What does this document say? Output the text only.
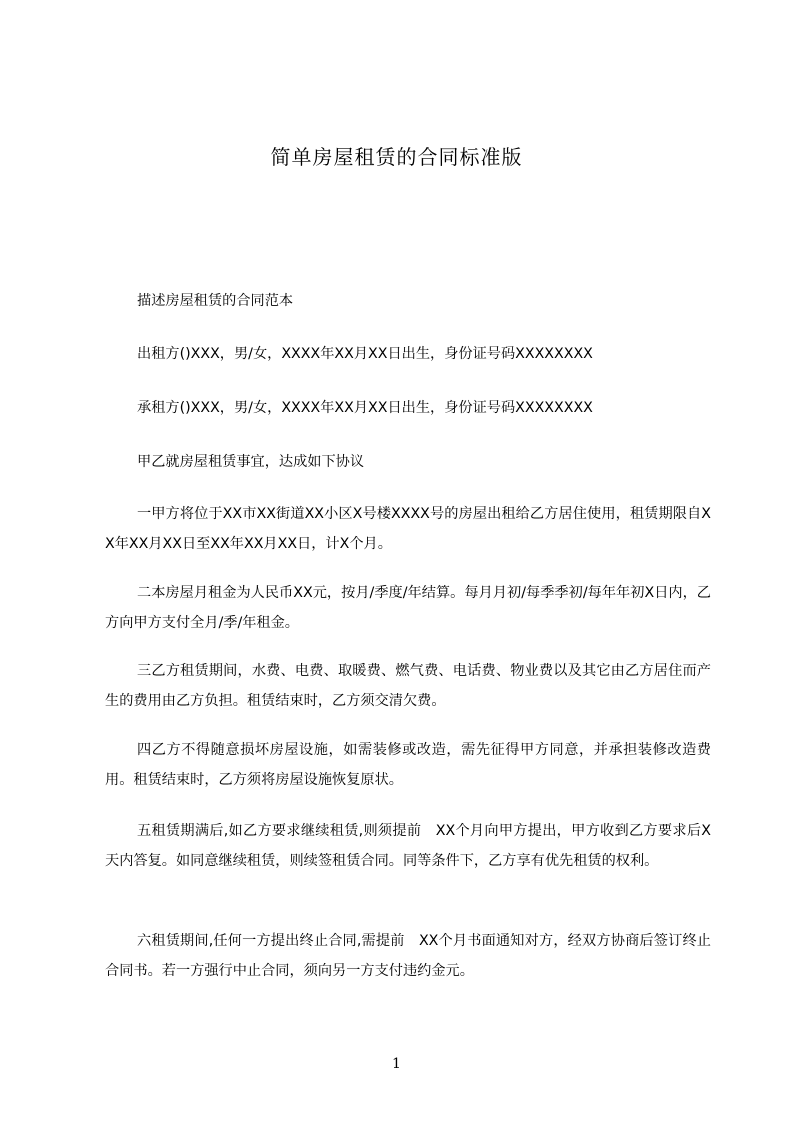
简单房屋租赁的合同标准版

描述房屋租赁的合同范本

出租方()XXX，男/女，XXXX年XX月XX日出生，身份证号码XXXXXXXX

承租方()XXX，男/女，XXXX年XX月XX日出生，身份证号码XXXXXXXX

甲乙就房屋租赁事宜，达成如下协议

一甲方将位于XX市XX街道XX小区X号楼XXXX号的房屋出租给乙方居住使用，租赁期限自XX年XX月XX日至XX年XX月XX日，计X个月。

二本房屋月租金为人民币XX元，按月/季度/年结算。每月月初/每季季初/每年年初X日内，乙方向甲方支付全月/季/年租金。

三乙方租赁期间，水费、电费、取暖费、燃气费、电话费、物业费以及其它由乙方居住而产生的费用由乙方负担。租赁结束时，乙方须交清欠费。

四乙方不得随意损坏房屋设施，如需装修或改造，需先征得甲方同意，并承担装修改造费用。租赁结束时，乙方须将房屋设施恢复原状。

五租赁期满后,如乙方要求继续租赁,则须提前　XX个月向甲方提出，甲方收到乙方要求后X天内答复。如同意继续租赁，则续签租赁合同。同等条件下，乙方享有优先租赁的权利。

六租赁期间,任何一方提出终止合同,需提前　XX个月书面通知对方，经双方协商后签订终止合同书。若一方强行中止合同，须向另一方支付违约金元。

1
